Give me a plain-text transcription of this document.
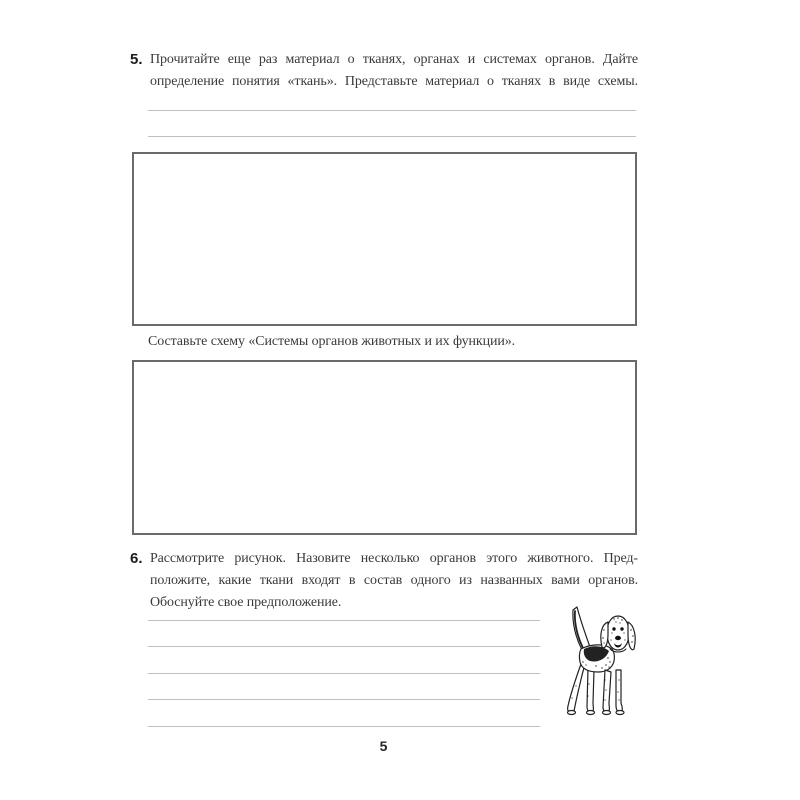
5. Прочитайте еще раз материал о тканях, органах и системах органов. Дайте
определение понятия «ткань». Представьте материал о тканях в виде схемы.
Составьте схему «Системы органов животных и их функции».
6. Рассмотрите рисунок. Назовите несколько органов этого животного. Пред-
положите, какие ткани входят в состав одного из названных вами органов.
Обоснуйте свое предположение.
5
